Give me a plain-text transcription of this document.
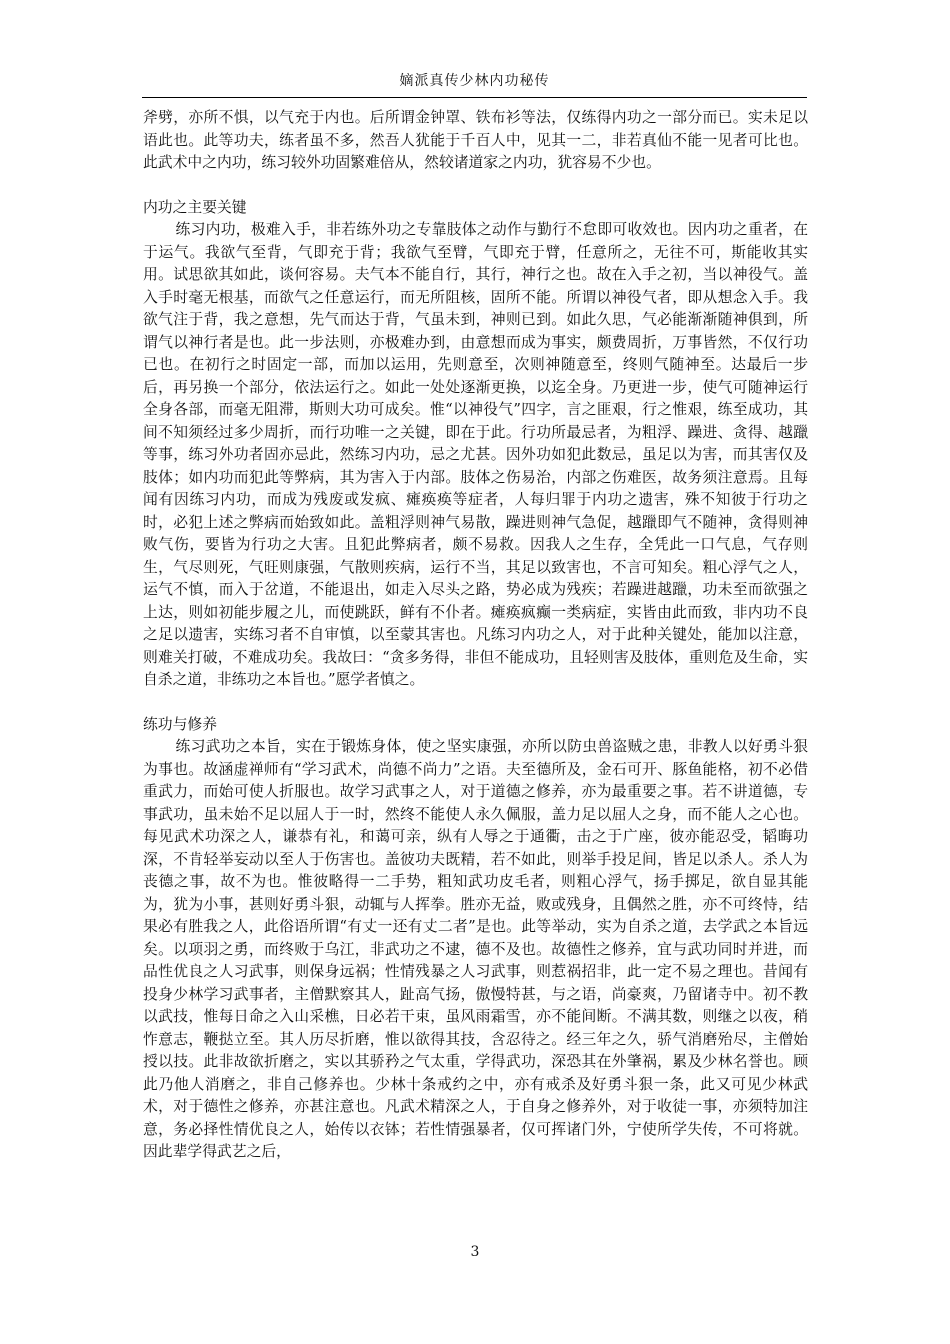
嫡派真传少林内功秘传

斧劈，亦所不惧，以气充于内也。后所谓金钟罩、铁布衫等法，仅练得内功之一部分而已。实未足以语此也。此等功夫，练者虽不多，然吾人犹能于千百人中，见其一二，非若真仙不能一见者可比也。此武术中之内功，练习较外功固繁难倍从，然较诸道家之内功，犹容易不少也。

内功之主要关键

练习内功，极难入手，非若练外功之专靠肢体之动作与勤行不怠即可收效也。因内功之重者，在于运气。我欲气至背，气即充于背；我欲气至臂，气即充于臂，任意所之，无往不可，斯能收其实用。试思欲其如此，谈何容易。夫气本不能自行，其行，神行之也。故在入手之初，当以神役气。盖入手时毫无根基，而欲气之任意运行，而无所阻核，固所不能。所谓以神役气者，即从想念入手。我欲气注于背，我之意想，先气而达于背，气虽未到，神则已到。如此久思，气必能渐渐随神俱到，所谓气以神行者是也。此一步法则，亦极难办到，由意想而成为事实，颇费周折，万事皆然，不仅行功已也。在初行之时固定一部，而加以运用，先则意至，次则神随意至，终则气随神至。达最后一步后，再另换一个部分，依法运行之。如此一处处逐渐更换，以迄全身。乃更进一步，使气可随神运行全身各部，而毫无阻滞，斯则大功可成矣。惟“以神役气”四字，言之匪艰，行之惟艰，练至成功，其间不知须经过多少周折，而行功唯一之关键，即在于此。行功所最忌者，为粗浮、躁进、贪得、越躐等事，练习外功者固亦忌此，然练习内功，忌之尤甚。因外功如犯此数忌，虽足以为害，而其害仅及肢体；如内功而犯此等弊病，其为害入于内部。肢体之伤易治，内部之伤难医，故务须注意焉。且每闻有因练习内功，而成为残废或发疯、瘫痪痪等症者，人每归罪于内功之遗害，殊不知彼于行功之时，必犯上述之弊病而始致如此。盖粗浮则神气易散，躁进则神气急促，越躐即气不随神，贪得则神败气伤，要皆为行功之大害。且犯此弊病者，颇不易救。因我人之生存，全凭此一口气息，气存则生，气尽则死，气旺则康强，气散则疾病，运行不当，其足以致害也，不言可知矣。粗心浮气之人，运气不慎，而入于岔道，不能退出，如走入尽头之路，势必成为残疾；若躁进越躐，功未至而欲强之上达，则如初能步履之儿，而使跳跃，鲜有不仆者。瘫痪疯癫一类病症，实皆由此而致，非内功不良之足以遗害，实练习者不自审慎，以至蒙其害也。凡练习内功之人，对于此种关键处，能加以注意，则难关打破，不难成功矣。我故曰：“贪多务得，非但不能成功，且轻则害及肢体，重则危及生命，实自杀之道，非练功之本旨也。”愿学者慎之。

练功与修养

练习武功之本旨，实在于锻炼身体，使之坚实康强，亦所以防虫兽盗贼之患，非教人以好勇斗狠为事也。故涵虚禅师有“学习武术，尚德不尚力”之语。夫至德所及，金石可开、豚鱼能格，初不必借重武力，而始可使人折服也。故学习武事之人，对于道德之修养，亦为最重要之事。若不讲道德，专事武功，虽未始不足以屈人于一时，然终不能使人永久佩服，盖力足以屈人之身，而不能人之心也。每见武术功深之人，谦恭有礼，和蔼可亲，纵有人辱之于通衢，击之于广座，彼亦能忍受，韬晦功深，不肯轻举妄动以至人于伤害也。盖彼功夫既精，若不如此，则举手投足间，皆足以杀人。杀人为丧德之事，故不为也。惟彼略得一二手势，粗知武功皮毛者，则粗心浮气，扬手掷足，欲自显其能为，犹为小事，甚则好勇斗狠，动辄与人挥拳。胜亦无益，败或残身，且偶然之胜，亦不可终恃，结果必有胜我之人，此俗语所谓“有丈一还有丈二者”是也。此等举动，实为自杀之道，去学武之本旨远矣。以项羽之勇，而终败于乌江，非武功之不逮，德不及也。故德性之修养，宜与武功同时并进，而品性优良之人习武事，则保身远祸；性情残暴之人习武事，则惹祸招非，此一定不易之理也。昔闻有投身少林学习武事者，主僧默察其人，趾高气扬，傲慢特甚，与之语，尚豪爽，乃留诸寺中。初不教以武技，惟每日命之入山采樵，日必若干束，虽风雨霜雪，亦不能间断。不满其数，则继之以夜，稍怍意志，鞭挞立至。其人历尽折磨，惟以欲得其技，含忍待之。经三年之久，骄气消磨殆尽，主僧始授以技。此非故欲折磨之，实以其骄矜之气太重，学得武功，深恐其在外肇祸，累及少林名誉也。顾此乃他人消磨之，非自己修养也。少林十条戒约之中，亦有戒杀及好勇斗狠一条，此又可见少林武术，对于德性之修养，亦甚注意也。凡武术精深之人，于自身之修养外，对于收徒一事，亦须特加注意，务必择性情优良之人，始传以衣钵；若性情强暴者，仅可挥诸门外，宁使所学失传，不可将就。因此辈学得武艺之后，

3
